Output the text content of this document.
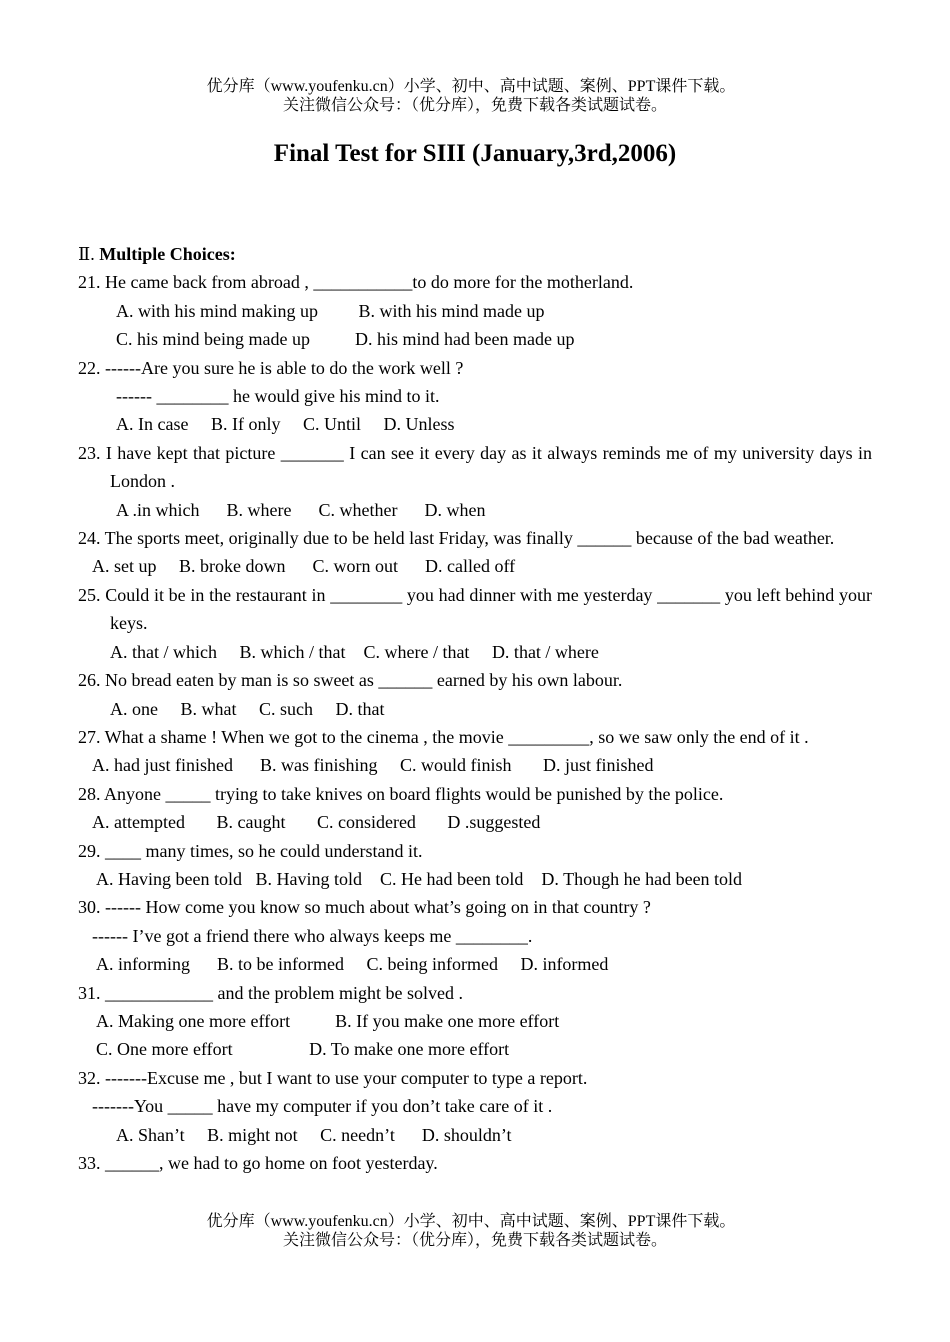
优分库（www.youfenku.cn）小学、初中、高中试题、案例、PPT课件下载。
关注微信公众号：（优分库），免费下载各类试题试卷。
Final Test for SIII (January,3rd,2006)
Ⅱ. Multiple Choices:
21. He came back from abroad , ___________to do more for the motherland.
A. with his mind making up         B. with his mind made up
C. his mind being made up          D. his mind had been made up
22. ------Are you sure he is able to do the work well ?
------ ________ he would give his mind to it.
A. In case     B. If only     C. Until     D. Unless
23. I have kept that picture _______ I can see it every day as it always reminds me of my university days in London .
A .in which      B. where      C. whether      D. when
24. The sports meet, originally due to be held last Friday, was finally ______ because of the bad weather.
A. set up     B. broke down      C. worn out      D. called off
25. Could it be in the restaurant in ________ you had dinner with me yesterday _______ you left behind your keys.
A. that / which     B. which / that    C. where / that     D. that / where
26. No bread eaten by man is so sweet as ______ earned by his own labour.
A. one     B. what     C. such     D. that
27. What a shame ! When we got to the cinema , the movie _________, so we saw only the end of it .
A. had just finished      B. was finishing     C. would finish       D. just finished
28. Anyone _____ trying to take knives on board flights would be punished by the police.
A. attempted       B. caught       C. considered       D .suggested
29. ____ many times, so he could understand it.
A. Having been told   B. Having told    C. He had been told    D. Though he had been told
30. ------ How come you know so much about what’s going on in that country ?
------ I’ve got a friend there who always keeps me ________.
A. informing      B. to be informed     C. being informed     D. informed
31. ____________ and the problem might be solved .
A. Making one more effort          B. If you make one more effort
C. One more effort                 D. To make one more effort
32. -------Excuse me , but I want to use your computer to type a report.
-------You _____ have my computer if you don’t take care of it .
A. Shan’t     B. might not     C. needn’t      D. shouldn’t
33. ______, we had to go home on foot yesterday.
优分库（www.youfenku.cn）小学、初中、高中试题、案例、PPT课件下载。
关注微信公众号：（优分库），免费下载各类试题试卷。
